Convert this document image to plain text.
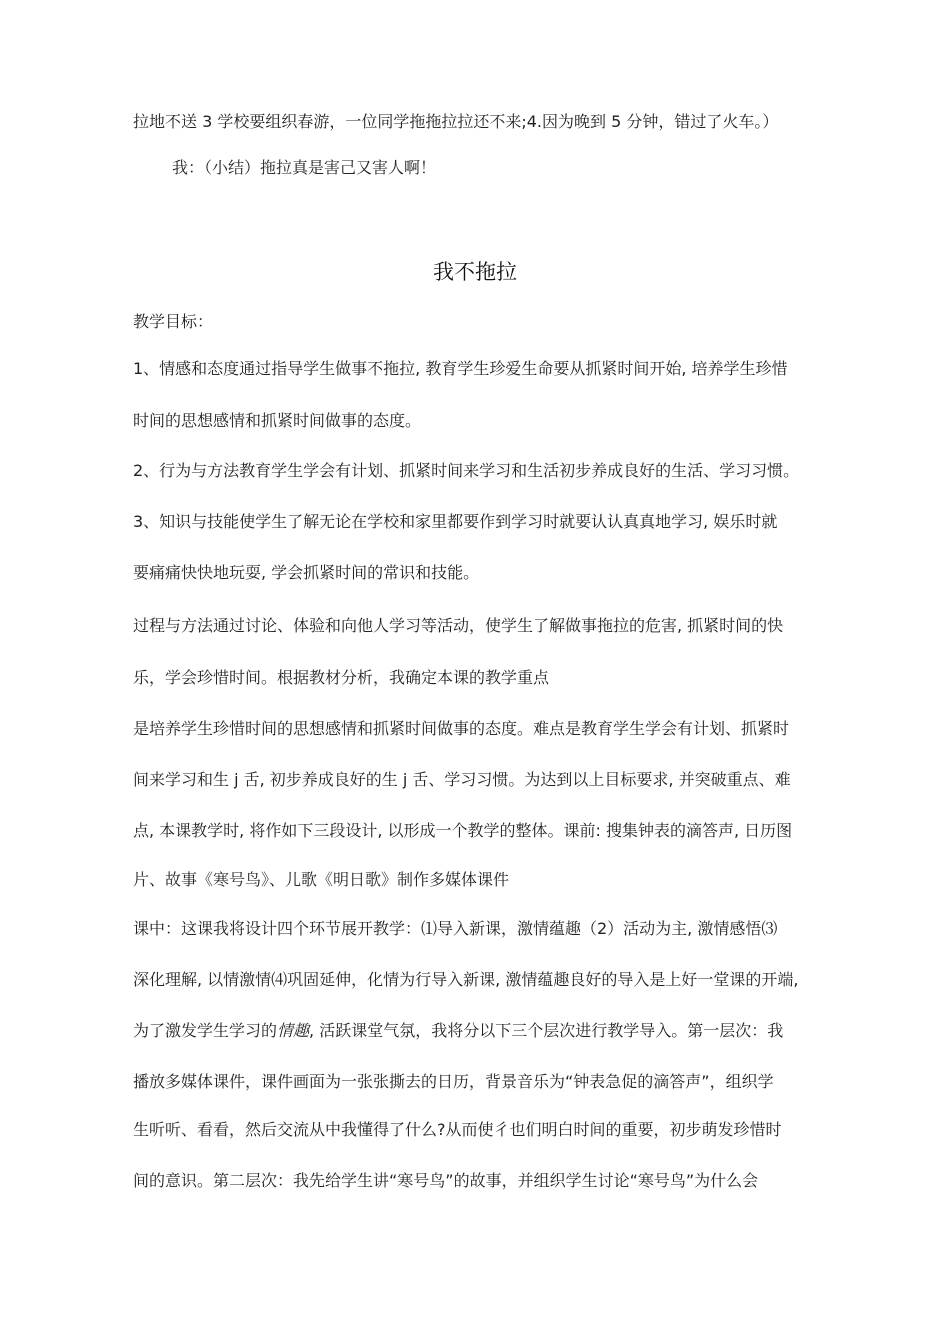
拉地不送 3 学校要组织春游，一位同学拖拖拉拉还不来;4.因为晚到 5 分钟，错过了火车。）
我：（小结）拖拉真是害己又害人啊！
我不拖拉
教学目标：
1、情感和态度通过指导学生做事不拖拉, 教育学生珍爱生命要从抓紧时间开始, 培养学生珍惜
时间的思想感情和抓紧时间做事的态度。
2、行为与方法教育学生学会有计划、抓紧时间来学习和生活初步养成良好的生活、学习习惯。
3、知识与技能使学生了解无论在学校和家里都要作到学习时就要认认真真地学习, 娱乐时就
要痛痛快快地玩耍, 学会抓紧时间的常识和技能。
过程与方法通过讨论、体验和向他人学习等活动，使学生了解做事拖拉的危害, 抓紧时间的快
乐，学会珍惜时间。根据教材分析，我确定本课的教学重点
是培养学生珍惜时间的思想感情和抓紧时间做事的态度。难点是教育学生学会有计划、抓紧时
间来学习和生 j 舌, 初步养成良好的生 j 舌、学习习惯。为达到以上目标要求, 并突破重点、难
点, 本课教学时, 将作如下三段设计, 以形成一个教学的整体。课前: 搜集钟表的滴答声, 日历图
片、故事《寒号鸟》、儿歌《明日歌》制作多媒体课件
课中：这课我将设计四个环节展开教学：⑴导入新课，激情蕴趣（2）活动为主, 激情感悟⑶
深化理解, 以情激情⑷巩固延伸，化情为行导入新课, 激情蕴趣良好的导入是上好一堂课的开端,
为了激发学生学习的情趣, 活跃课堂气氛，我将分以下三个层次进行教学导入。第一层次：我
播放多媒体课件，课件画面为一张张撕去的日历，背景音乐为“钟表急促的滴答声”，组织学
生听听、看看，然后交流从中我懂得了什么?从而使彳也们明白时间的重要，初步萌发珍惜时
间的意识。第二层次：我先给学生讲“寒号鸟”的故事，并组织学生讨论“寒号鸟”为什么会
